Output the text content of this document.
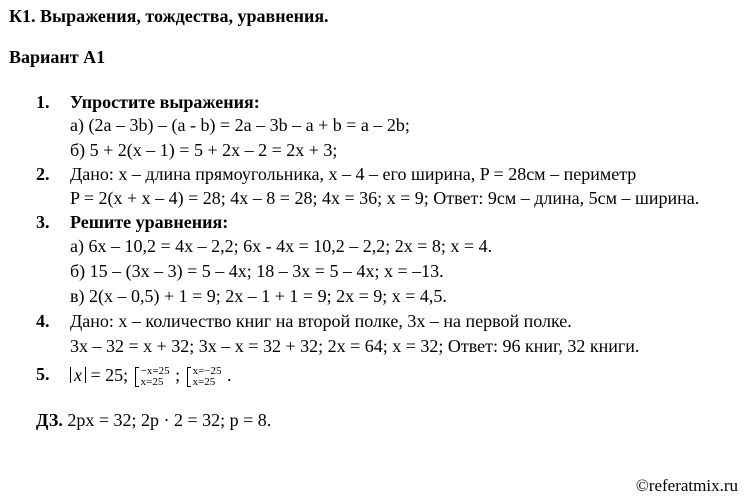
К1. Выражения, тождества, уравнения.
Вариант А1
1. Упростите выражения:
а) (2a – 3b) – (a - b) = 2a – 3b – a + b = a – 2b;
б) 5 + 2(x – 1) = 5 + 2x – 2 = 2x + 3;
2. Дано: x – длина прямоугольника, x – 4 – его ширина, P = 28см – периметр
P = 2(x + x – 4) = 28; 4x – 8 = 28; 4x = 36; x = 9; Ответ: 9см – длина, 5см – ширина.
3. Решите уравнения:
а) 6x – 10,2 = 4x – 2,2; 6x - 4x = 10,2 – 2,2; 2x = 8; x = 4.
б) 15 – (3x – 3) = 5 – 4x; 18 – 3x = 5 – 4x; x = –13.
в) 2(x – 0,5) + 1 = 9; 2x – 1 + 1 = 9; 2x = 9; x = 4,5.
4. Дано: x – количество книг на второй полке, 3x – на первой полке.
3x – 32 = x + 32; 3x – x = 32 + 32; 2x = 64; x = 32; Ответ: 96 книг, 32 книги.
5. x = 25; −x=25
x=25 ; x=−25
x=25 .
ДЗ. 2px = 32; 2p · 2 = 32; p = 8.
©referatmix.ru
